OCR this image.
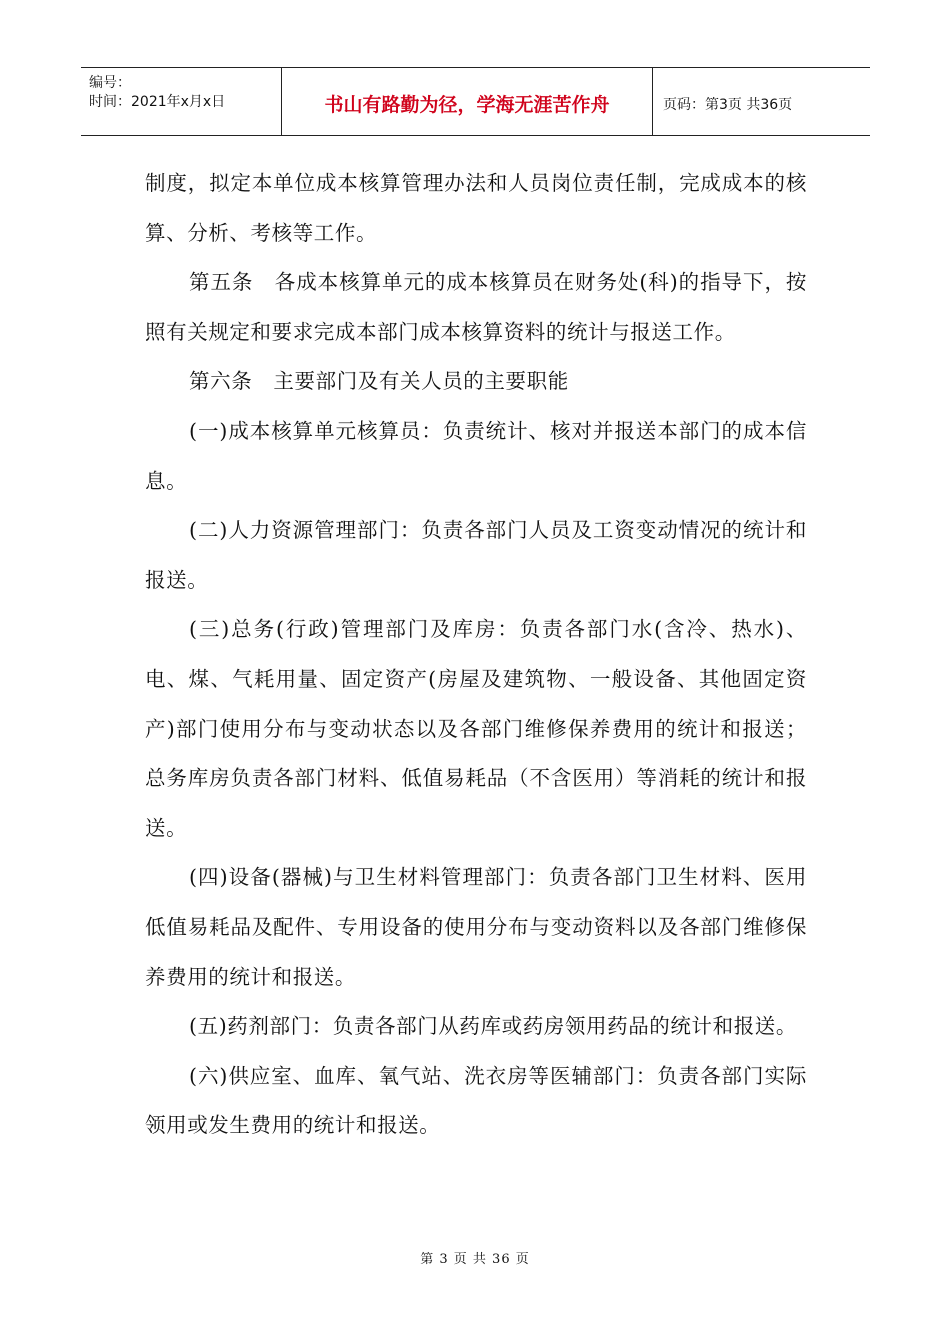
编号：
时间：2021年x月x日	书山有路勤为径，学海无涯苦作舟	页码：第3页 共36页

制度，拟定本单位成本核算管理办法和人员岗位责任制，完成成本的核算、分析、考核等工作。

第五条　各成本核算单元的成本核算员在财务处(科)的指导下，按照有关规定和要求完成本部门成本核算资料的统计与报送工作。

第六条　主要部门及有关人员的主要职能

(一)成本核算单元核算员：负责统计、核对并报送本部门的成本信息。

(二)人力资源管理部门：负责各部门人员及工资变动情况的统计和报送。

(三)总务(行政)管理部门及库房：负责各部门水(含冷、热水)、电、煤、气耗用量、固定资产(房屋及建筑物、一般设备、其他固定资产)部门使用分布与变动状态以及各部门维修保养费用的统计和报送；总务库房负责各部门材料、低值易耗品（不含医用）等消耗的统计和报送。

(四)设备(器械)与卫生材料管理部门：负责各部门卫生材料、医用低值易耗品及配件、专用设备的使用分布与变动资料以及各部门维修保养费用的统计和报送。

(五)药剂部门：负责各部门从药库或药房领用药品的统计和报送。

(六)供应室、血库、氧气站、洗衣房等医辅部门：负责各部门实际领用或发生费用的统计和报送。

第 3 页 共 36 页
